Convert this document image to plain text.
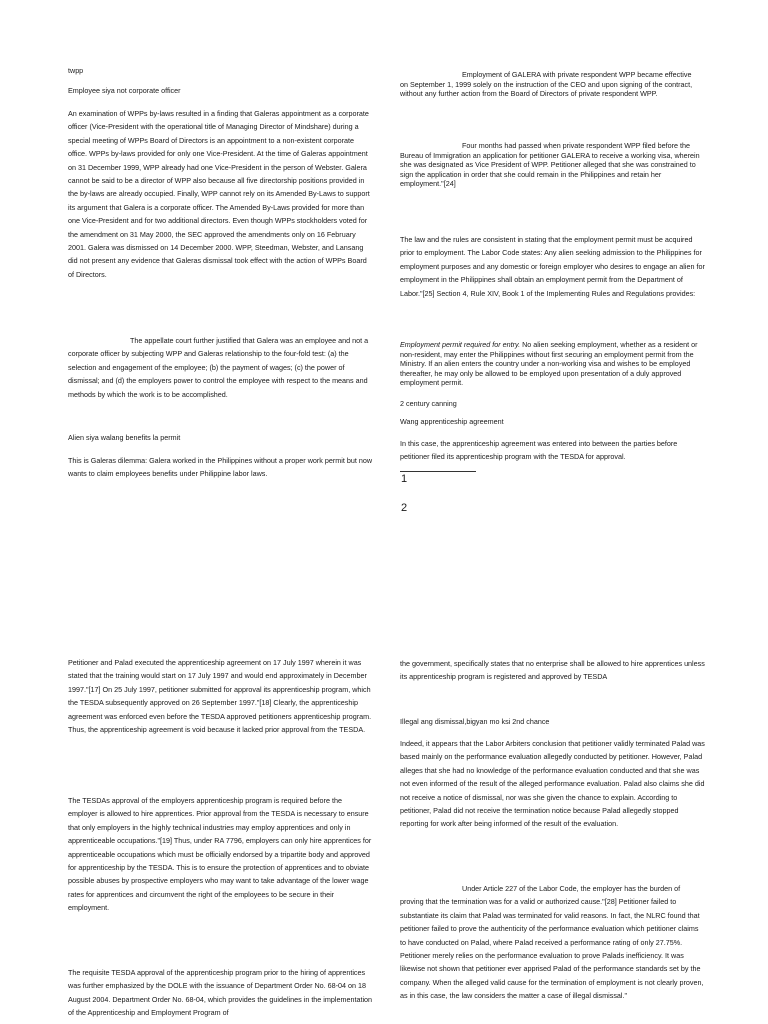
twpp
Employee siya not corporate officer
An examination of WPPs by-laws resulted in a finding that Galeras appointment as a corporate officer (Vice-President with the operational title of Managing Director of Mindshare) during a special meeting of WPPs Board of Directors is an appointment to a non-existent corporate office. WPPs by-laws provided for only one Vice-President. At the time of Galeras appointment on 31 December 1999, WPP already had one Vice-President in the person of Webster. Galera cannot be said to be a director of WPP also because all five directorship positions provided in the by-laws are already occupied. Finally, WPP cannot rely on its Amended By-Laws to support its argument that Galera is a corporate officer. The Amended By-Laws provided for more than one Vice-President and for two additional directors. Even though WPPs stockholders voted for the amendment on 31 May 2000, the SEC approved the amendments only on 16 February 2001. Galera was dismissed on 14 December 2000. WPP, Steedman, Webster, and Lansang did not present any evidence that Galeras dismissal took effect with the action of WPPs Board of Directors.
The appellate court further justified that Galera was an employee and not a corporate officer by subjecting WPP and Galeras relationship to the four-fold test: (a) the selection and engagement of the employee; (b) the payment of wages; (c) the power of dismissal; and (d) the employers power to control the employee with respect to the means and methods by which the work is to be accomplished.
Alien siya walang benefits la permit
This is Galeras dilemma: Galera worked in the Philippines without a proper work permit but now wants to claim employees benefits under Philippine labor laws.
Employment of GALERA with private respondent WPP became effective on September 1, 1999 solely on the instruction of the CEO and upon signing of the contract, without any further action from the Board of Directors of private respondent WPP.
Four months had passed when private respondent WPP filed before the Bureau of Immigration an application for petitioner GALERA to receive a working visa, wherein she was designated as Vice President of WPP. Petitioner alleged that she was constrained to sign the application in order that she could remain in the Philippines and retain her employment."[24]
The law and the rules are consistent in stating that the employment permit must be acquired prior to employment. The Labor Code states: Any alien seeking admission to the Philippines for employment purposes and any domestic or foreign employer who desires to engage an alien for employment in the Philippines shall obtain an employment permit from the Department of Labor."[25] Section 4, Rule XIV, Book 1 of the Implementing Rules and Regulations provides:
Employment permit required for entry. No alien seeking employment, whether as a resident or non-resident, may enter the Philippines without first securing an employment permit from the Ministry. If an alien enters the country under a non-working visa and wishes to be employed thereafter, he may only be allowed to be employed upon presentation of a duly approved employment permit.
2 century canning
Wang apprenticeship agreement
In this case, the apprenticeship agreement was entered into between the parties before petitioner filed its apprenticeship program with the TESDA for approval.
1
2
Petitioner and Palad executed the apprenticeship agreement on 17 July 1997 wherein it was stated that the training would start on 17 July 1997 and would end approximately in December 1997."[17] On 25 July 1997, petitioner submitted for approval its apprenticeship program, which the TESDA subsequently approved on 26 September 1997."[18] Clearly, the apprenticeship agreement was enforced even before the TESDA approved petitioners apprenticeship program. Thus, the apprenticeship agreement is void because it lacked prior approval from the TESDA.
The TESDAs approval of the employers apprenticeship program is required before the employer is allowed to hire apprentices. Prior approval from the TESDA is necessary to ensure that only employers in the highly technical industries may employ apprentices and only in apprenticeable occupations."[19] Thus, under RA 7796, employers can only hire apprentices for apprenticeable occupations which must be officially endorsed by a tripartite body and approved for apprenticeship by the TESDA. This is to ensure the protection of apprentices and to obviate possible abuses by prospective employers who may want to take advantage of the lower wage rates for apprentices and circumvent the right of the employees to be secure in their employment.
The requisite TESDA approval of the apprenticeship program prior to the hiring of apprentices was further emphasized by the DOLE with the issuance of Department Order No. 68-04 on 18 August 2004. Department Order No. 68-04, which provides the guidelines in the implementation of the Apprenticeship and Employment Program of
the government, specifically states that no enterprise shall be allowed to hire apprentices unless its apprenticeship program is registered and approved by TESDA
Illegal ang dismissal,bigyan mo ksi 2nd chance
Indeed, it appears that the Labor Arbiters conclusion that petitioner validly terminated Palad was based mainly on the performance evaluation allegedly conducted by petitioner. However, Palad alleges that she had no knowledge of the performance evaluation conducted and that she was not even informed of the result of the alleged performance evaluation. Palad also claims she did not receive a notice of dismissal, nor was she given the chance to explain. According to petitioner, Palad did not receive the termination notice because Palad allegedly stopped reporting for work after being informed of the result of the evaluation.
Under Article 227 of the Labor Code, the employer has the burden of proving that the termination was for a valid or authorized cause."[28] Petitioner failed to substantiate its claim that Palad was terminated for valid reasons. In fact, the NLRC found that petitioner failed to prove the authenticity of the performance evaluation which petitioner claims to have conducted on Palad, where Palad received a performance rating of only 27.75%. Petitioner merely relies on the performance evaluation to prove Palads inefficiency. It was likewise not shown that petitioner ever apprised Palad of the performance standards set by the company. When the alleged valid cause for the termination of employment is not clearly proven, as in this case, the law considers the matter a case of illegal dismissal."
